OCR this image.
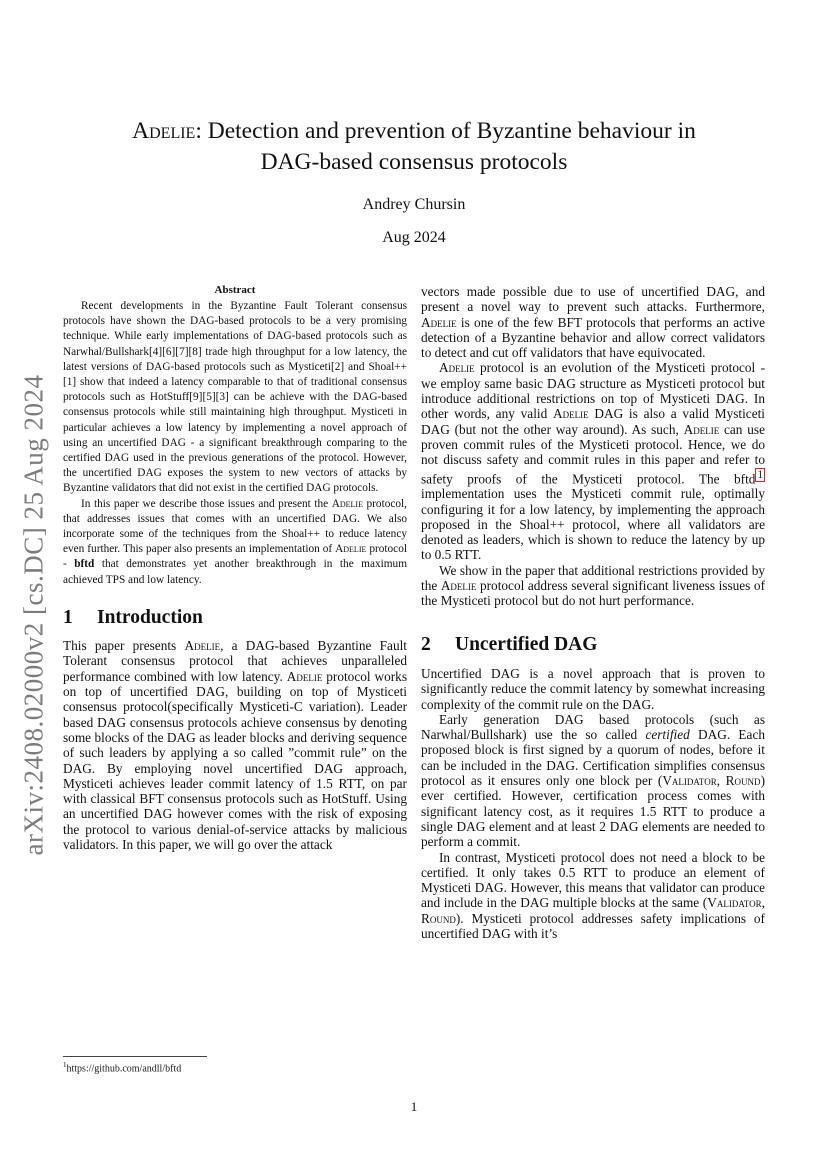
arXiv:2408.02000v2 [cs.DC] 25 Aug 2024
Adelie: Detection and prevention of Byzantine behaviour in
DAG-based consensus protocols
Andrey Chursin
Aug 2024
Abstract

Recent developments in the Byzantine Fault Tolerant consensus protocols have shown the DAG-based protocols to be a very promising technique. While early implementations of DAG-based protocols such as Narwhal/Bullshark[4][6][7][8] trade high throughput for a low latency, the latest versions of DAG-based protocols such as Mysticeti[2] and Shoal++[1] show that indeed a latency comparable to that of traditional consensus protocols such as HotStuff[9][5][3] can be achieve with the DAG-based consensus protocols while still maintaining high throughput. Mysticeti in particular achieves a low latency by implementing a novel approach of using an uncertified DAG - a significant breakthrough comparing to the certified DAG used in the previous generations of the protocol. However, the uncertified DAG exposes the system to new vectors of attacks by Byzantine validators that did not exist in the certified DAG protocols.

In this paper we describe those issues and present the Adelie protocol, that addresses issues that comes with an uncertified DAG. We also incorporate some of the techniques from the Shoal++ to reduce latency even further. This paper also presents an implementation of Adelie protocol - bftd that demonstrates yet another breakthrough in the maximum achieved TPS and low latency.

1 Introduction

This paper presents Adelie, a DAG-based Byzantine Fault Tolerant consensus protocol that achieves unparalleled performance combined with low latency. Adelie protocol works on top of uncertified DAG, building on top of Mysticeti consensus protocol(specifically Mysticeti-C variation). Leader based DAG consensus protocols achieve consensus by denoting some blocks of the DAG as leader blocks and deriving sequence of such leaders by applying a so called ”commit rule” on the DAG. By employing novel uncertified DAG approach, Mysticeti achieves leader commit latency of 1.5 RTT, on par with classical BFT consensus protocols such as HotStuff. Using an uncertified DAG however comes with the risk of exposing the protocol to various denial-of-service attacks by malicious validators. In this paper, we will go over the attack

vectors made possible due to use of uncertified DAG, and present a novel way to prevent such attacks. Furthermore, Adelie is one of the few BFT protocols that performs an active detection of a Byzantine behavior and allow correct validators to detect and cut off validators that have equivocated.

Adelie protocol is an evolution of the Mysticeti protocol - we employ same basic DAG structure as Mysticeti protocol but introduce additional restrictions on top of Mysticeti DAG. In other words, any valid Adelie DAG is also a valid Mysticeti DAG (but not the other way around). As such, Adelie can use proven commit rules of the Mysticeti protocol. Hence, we do not discuss safety and commit rules in this paper and refer to safety proofs of the Mysticeti protocol. The bftd $^1$ implementation uses the Mysticeti commit rule, optimally configuring it for a low latency, by implementing the approach proposed in the Shoal++ protocol, where all validators are denoted as leaders, which is shown to reduce the latency by up to 0.5 RTT.

We show in the paper that additional restrictions provided by the Adelie protocol address several significant liveness issues of the Mysticeti protocol but do not hurt performance.

2 Uncertified DAG

Uncertified DAG is a novel approach that is proven to significantly reduce the commit latency by somewhat increasing complexity of the commit rule on the DAG.

Early generation DAG based protocols (such as Narwhal/Bullshark) use the so called certified DAG. Each proposed block is first signed by a quorum of nodes, before it can be included in the DAG. Certification simplifies consensus protocol as it ensures only one block per (Validator, Round) ever certified. However, certification process comes with significant latency cost, as it requires 1.5 RTT to produce a single DAG element and at least 2 DAG elements are needed to perform a commit.

In contrast, Mysticeti protocol does not need a block to be certified. It only takes 0.5 RTT to produce an element of Mysticeti DAG. However, this means that validator can produce and include in the DAG multiple blocks at the same (Validator, Round). Mysticeti protocol addresses safety implications of uncertified DAG with it’s

$^1$https://github.com/andll/bftd
1
